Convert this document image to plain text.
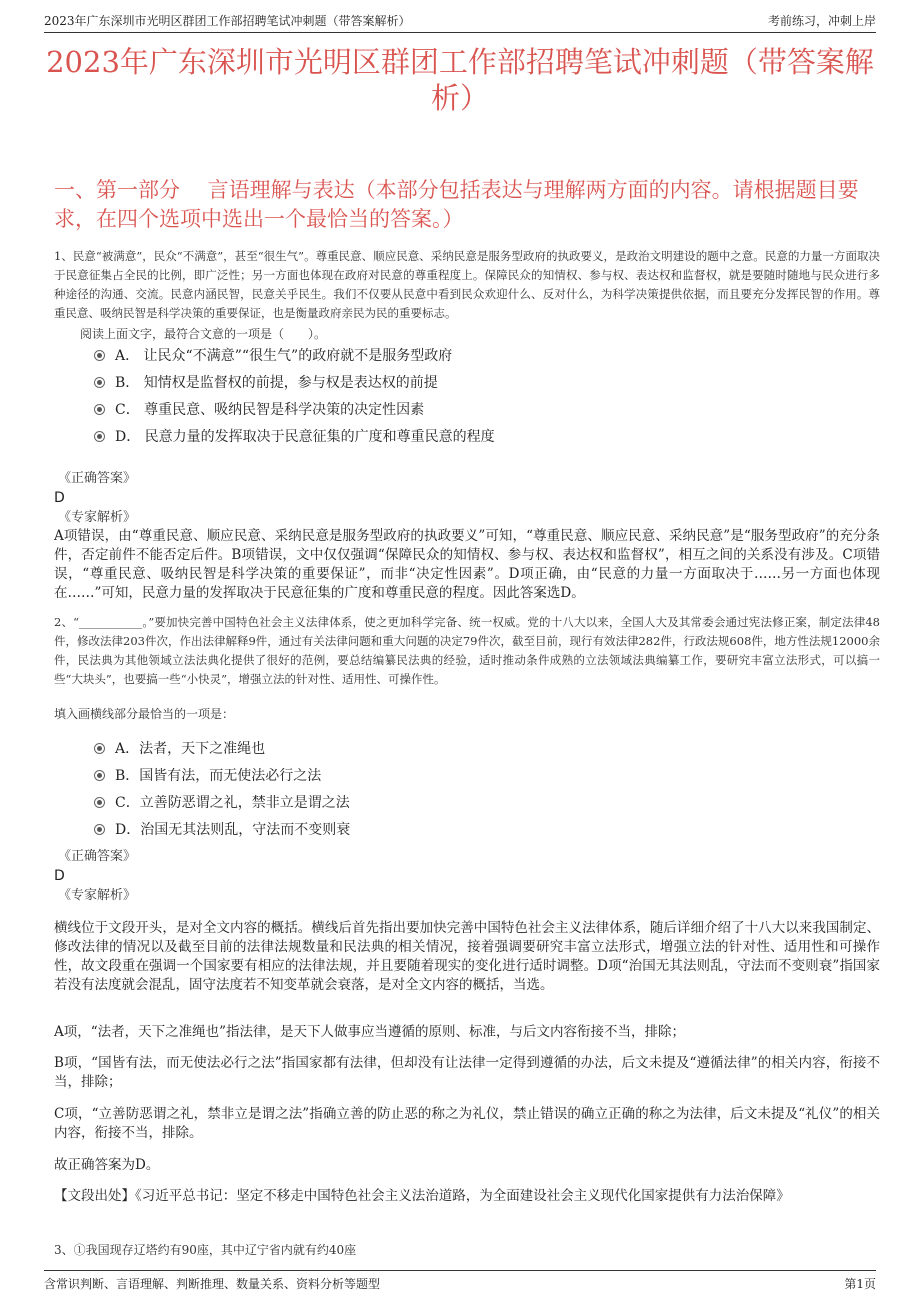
2023年广东深圳市光明区群团工作部招聘笔试冲刺题（带答案解析）	考前练习，冲刺上岸
2023年广东深圳市光明区群团工作部招聘笔试冲刺题（带答案解析）
一、第一部分　 言语理解与表达（本部分包括表达与理解两方面的内容。请根据题目要求，在四个选项中选出一个最恰当的答案。）
1、民意“被满意”，民众“不满意”，甚至“很生气”。尊重民意、顺应民意、采纳民意是服务型政府的执政要义，是政治文明建设的题中之意。民意的力量一方面取决于民意征集占全民的比例，即广泛性；另一方面也体现在政府对民意的尊重程度上。保障民众的知情权、参与权、表达权和监督权，就是要随时随地与民众进行多种途径的沟通、交流。民意内涵民智，民意关乎民生。我们不仅要从民意中看到民众欢迎什么、反对什么，为科学决策提供依据，而且要充分发挥民智的作用。尊重民意、吸纳民智是科学决策的重要保证，也是衡量政府亲民为民的重要标志。
阅读上面文字，最符合文意的一项是（　　）。
A． 让民众“不满意”“很生气”的政府就不是服务型政府
B． 知情权是监督权的前提，参与权是表达权的前提
C． 尊重民意、吸纳民智是科学决策的决定性因素
D． 民意力量的发挥取决于民意征集的广度和尊重民意的程度
《正确答案》
D
《专家解析》
A项错误，由“尊重民意、顺应民意、采纳民意是服务型政府的执政要义”可知，“尊重民意、顺应民意、采纳民意”是“服务型政府”的充分条件，否定前件不能否定后件。B项错误，文中仅仅强调“保障民众的知情权、参与权、表达权和监督权”，相互之间的关系没有涉及。C项错误，“尊重民意、吸纳民智是科学决策的重要保证”，而非“决定性因素”。D项正确，由“民意的力量一方面取决于……另一方面也体现在……”可知，民意力量的发挥取决于民意征集的广度和尊重民意的程度。因此答案选D。
2、“___________。”要加快完善中国特色社会主义法律体系，使之更加科学完备、统一权威。党的十八大以来，全国人大及其常委会通过宪法修正案，制定法律48件，修改法律203件次，作出法律解释9件，通过有关法律问题和重大问题的决定79件次，截至目前，现行有效法律282件，行政法规608件，地方性法规12000余件，民法典为其他领域立法法典化提供了很好的范例，要总结编纂民法典的经验，适时推动条件成熟的立法领域法典编纂工作，要研究丰富立法形式，可以搞一些“大块头”，也要搞一些“小快灵”，增强立法的针对性、适用性、可操作性。
填入画横线部分最恰当的一项是：
A．法者，天下之准绳也
B．国皆有法，而无使法必行之法
C．立善防恶谓之礼，禁非立是谓之法
D．治国无其法则乱，守法而不变则衰
《正确答案》
D
《专家解析》
横线位于文段开头，是对全文内容的概括。横线后首先指出要加快完善中国特色社会主义法律体系，随后详细介绍了十八大以来我国制定、修改法律的情况以及截至目前的法律法规数量和民法典的相关情况，接着强调要研究丰富立法形式，增强立法的针对性、适用性和可操作性，故文段重在强调一个国家要有相应的法律法规，并且要随着现实的变化进行适时调整。D项“治国无其法则乱，守法而不变则衰”指国家若没有法度就会混乱，固守法度若不知变革就会衰落，是对全文内容的概括，当选。
A项，“法者，天下之准绳也”指法律，是天下人做事应当遵循的原则、标准，与后文内容衔接不当，排除；
B项，“国皆有法，而无使法必行之法”指国家都有法律，但却没有让法律一定得到遵循的办法，后文未提及“遵循法律”的相关内容，衔接不当，排除；
C项，“立善防恶谓之礼，禁非立是谓之法”指确立善的防止恶的称之为礼仪，禁止错误的确立正确的称之为法律，后文未提及“礼仪”的相关内容，衔接不当，排除。
故正确答案为D。
【文段出处】《习近平总书记：坚定不移走中国特色社会主义法治道路，为全面建设社会主义现代化国家提供有力法治保障》
3、①我国现存辽塔约有90座，其中辽宁省内就有约40座
含常识判断、言语理解、判断推理、数量关系、资料分析等题型	第1页
